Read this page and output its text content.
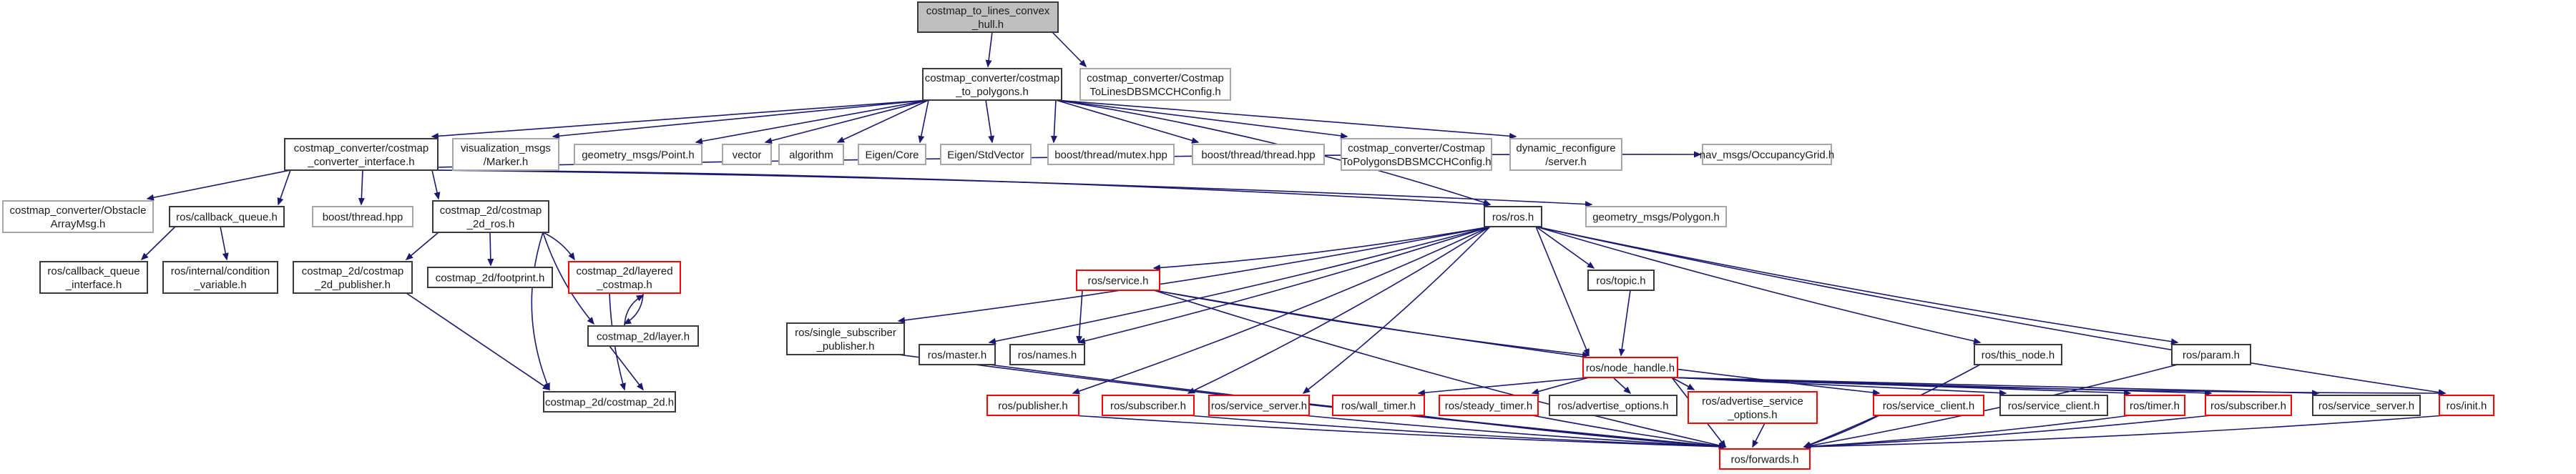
costmap_to_lines_convex _hull.h
costmap_converter/costmap _to_polygons.h
costmap_converter/Costmap ToLinesDBSMCCHConfig.h
costmap_converter/costmap _converter_interface.h
visualization_msgs /Marker.h
geometry_msgs/Point.h	vector	algorithm	Eigen/Core	Eigen/StdVector	boost/thread/mutex.hpp	boost/thread/thread.hpp
costmap_converter/Costmap ToPolygonsDBSMCCHConfig.h
dynamic_reconfigure /server.h
nav_msgs/OccupancyGrid.h
costmap_converter/Obstacle ArrayMsg.h
ros/callback_queue.h	boost/thread.hpp
costmap_2d/costmap _2d_ros.h
ros/ros.h	geometry_msgs/Polygon.h
ros/callback_queue _interface.h
ros/internal/condition _variable.h
costmap_2d/costmap _2d_publisher.h
costmap_2d/footprint.h
costmap_2d/layered _costmap.h
costmap_2d/layer.h
costmap_2d/costmap_2d.h
ros/service.h	ros/topic.h
ros/single_subscriber _publisher.h
ros/master.h	ros/names.h
ros/node_handle.h
ros/this_node.h	ros/param.h
ros/publisher.h	ros/subscriber.h ros/service_server.h	ros/wall_timer.h	ros/steady_timer.h ros/advertise_options.h	ros/advertise_service _options.h
ros/service_client.h	ros/service_client.h	ros/timer.h	ros/subscriber.h	ros/service_server.h	ros/init.h
ros/forwards.h
